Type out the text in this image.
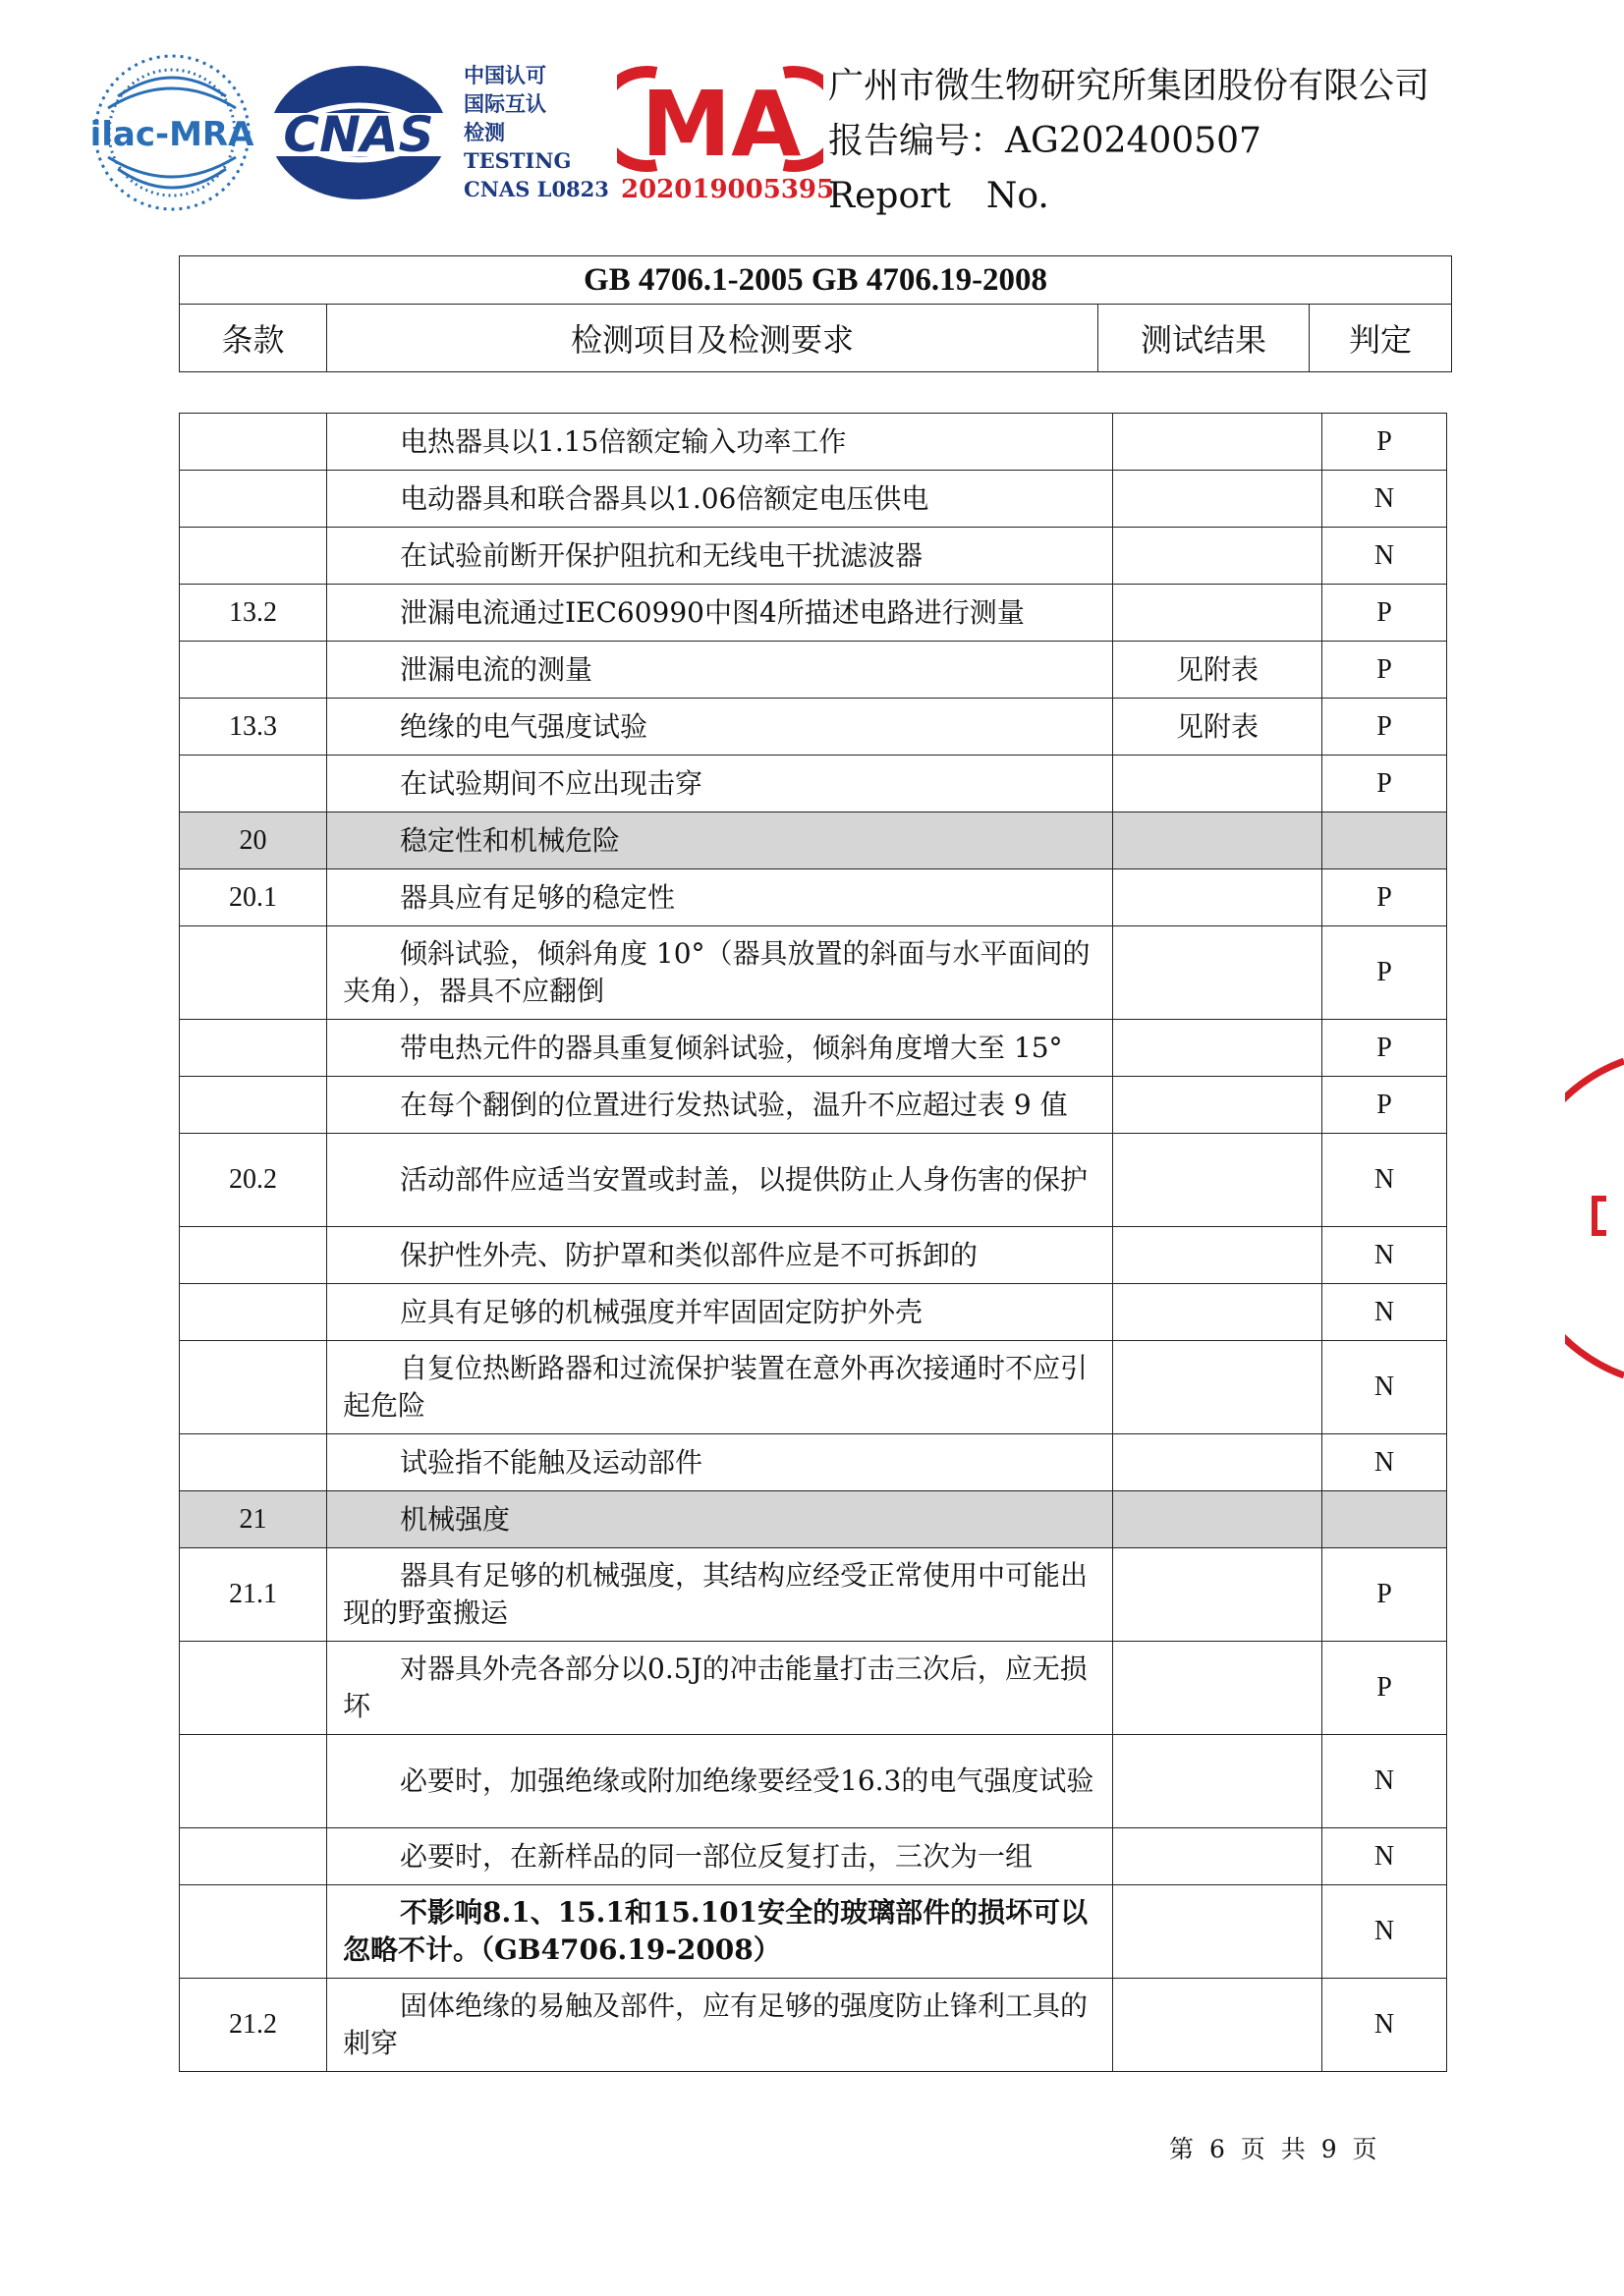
ilac-MRA CNAS
中国认可
国际互认
检测
TESTING
CNAS L0823
MA
202019005395
广州市微生物研究所集团股份有限公司
报告编号：AG202400507
Report No.
GB 4706.1-2005 GB 4706.19-2008
条款	检测项目及检测要求	测试结果	判定

	电热器具以1.15倍额定输入功率工作		P

	电动器具和联合器具以1.06倍额定电压供电		N

	在试验前断开保护阻抗和无线电干扰滤波器		N
13.2	泄漏电流通过IEC60990中图4所描述电路进行测量		P

	泄漏电流的测量	见附表	P
13.3	绝缘的电气强度试验	见附表	P

	在试验期间不应出现击穿		P
20	稳定性和机械危险		

20.1	器具应有足够的稳定性		P

	倾斜试验，倾斜角度 10°（器具放置的斜面与水平面间的夹角），器具不应翻倒		P

	带电热元件的器具重复倾斜试验，倾斜角度增大至 15°		P

	在每个翻倒的位置进行发热试验，温升不应超过表 9 值		P
20.2	活动部件应适当安置或封盖，以提供防止人身伤害的保护		N

	保护性外壳、防护罩和类似部件应是不可拆卸的		N

	应具有足够的机械强度并牢固固定防护外壳		N

	自复位热断路器和过流保护装置在意外再次接通时不应引起危险		N

	试验指不能触及运动部件		N
21	机械强度		

21.1	器具有足够的机械强度，其结构应经受正常使用中可能出现的野蛮搬运		P

	对器具外壳各部分以0.5J的冲击能量打击三次后，应无损坏		P

	必要时，加强绝缘或附加绝缘要经受16.3的电气强度试验		N

	必要时，在新样品的同一部位反复打击，三次为一组		N

	不影响8.1、15.1和15.101安全的玻璃部件的损坏可以忽略不计。（GB4706.19-2008）		N
21.2	固体绝缘的易触及部件，应有足够的强度防止锋利工具的刺穿		N
第 6 页 共 9 页
